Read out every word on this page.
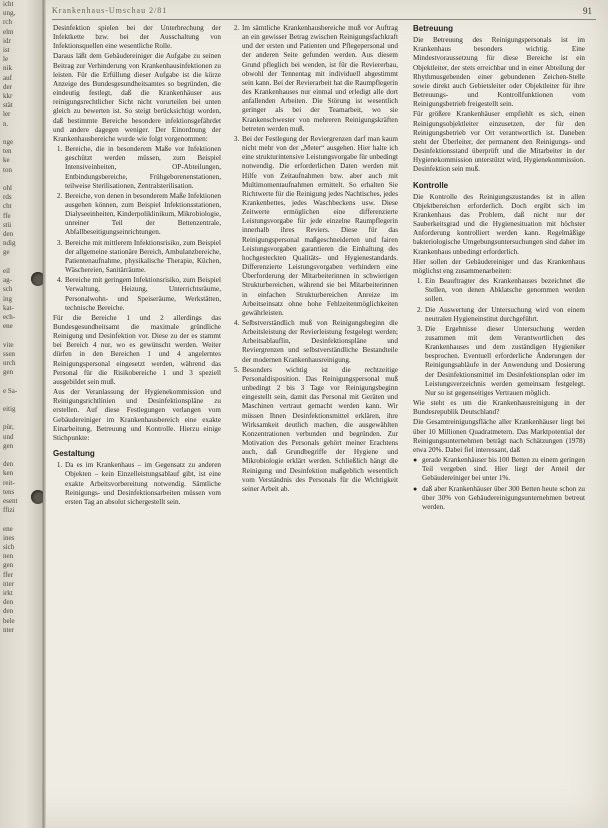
icht
ung,
rch
elm
idr
ist
le
nik
auf
der
kkr
stät
ler
n.

nge
ten
ke
ton

ohl
rds
cht
ffe
stü
den
ndig
ge

eil
ag-
sch
ing
kat-
ech-
ene

vite
ssen
urch
gen

e Sa-

eitig

pür,
und
gen

den
ken
reit-
tens
esent
ffizi

ene
ines
sich
nen
gen
ffer
nter
irkt
den
den
bele
nter
Krankenhaus-Umschau 2/81	91

Desinfektion spielen bei der Unterbrechung der Infektkette bzw. bei der Ausschaltung von Infektionsquellen eine wesentliche Rolle.

Daraus läßt dem Gebäudereiniger die Aufgabe zu seinen Beitrag zur Verhinderung von Krankenhausinfektionen zu leisten. Für die Erfüllung dieser Aufgabe ist die kürze Anzeige des Bundesgesundheitsamtes so begründen, die eindeutig festlegt, daß die Krankenhäuser aus reinigungsrechtlicher Sicht nicht vorurteilen bei unten gleich zu bewerten ist. So steigt berücksichtigt worden, daß bestimmte Bereiche besondere infektionsgefährdet und andere dagegen weniger. Der Einordnung der Krankenhausbereiche wurde wie folgt vorgenommen:

1. Bereiche, die in besonderem Maße vor Infektionen geschützt werden müssen, zum Beispiel Intensiveinheiten, OP-Abteilungen, Entbindungsbereiche, Frühgeborenenstationen, teilweise Sterilisationen, Zentralsterilisation.
2. Bereiche, von denen in besonderem Maße Infektionen ausgehen können, zum Beispiel Infektionsstationen, Dialyseeinheiten, Kinderpoliklinikum, Mikrobiologie, unreiner Teil der Bettenzentrale, Abfallbeseitigungseinrichtungen.
3. Bereiche mit mittlerem Infektionsrisiko, zum Beispiel der allgemeine stationäre Bereich, Ambulanzbereiche, Patientenaufnahme, physikalische Therapie, Küchen, Wäschereien, Sanitärräume.
4. Bereiche mit geringem Infektionsrisiko, zum Beispiel Verwaltung, Heizung, Unterrichtsräume, Personalwohn- und Speiseräume, Werkstätten, technische Bereiche.

Für die Bereiche 1 und 2 allerdings das Bundesgesundheitsamt die maximale gründliche Reinigung und Desinfektion vor. Diese zu der es stammt bei Bereich 4 nur, wo es gewünscht werden. Weiter dürfen in den Bereichen 1 und 4 angelerntes Reinigungspersonal eingesetzt werden, während das Personal für die Risikobereiche 1 und 3 speziell ausgebildet sein muß.

Aus der Veranlassung der Hygienekommission und Reinigungsrichtlinien und Desinfektionspläne zu erstellen. Auf diese Festlegungen verlangen vom Gebäudereiniger im Krankenhausbereich eine exakte Einarbeitung, Betreuung und Kontrolle. Hierzu einige Stichpunkte:

Gestaltung
1. Da es im Krankenhaus – im Gegensatz zu anderen Objekten – kein Einzelleistungsablauf gibt, ist eine exakte Arbeitsvorbereitung notwendig. Sämtliche Reinigungs- und Desinfektionsarbeiten müssen vom ersten Tag an absolut sichergestellt sein.
2. Im sämtliche Krankenhausbereiche muß vor Auftrag an ein gewisser Betrag zwischen Reinigungsfachkraft und der ersten und Patienten und Pflegepersonal und der anderen Seite gefunden werden. Aus diesem Grund pfleglich bei wenden, ist für die Reviererbau, obwohl der Tennentag mit individuell abgestimmt sein kann. Bei der Revierarbeit hat die Raumpflegerin des Krankenhauses nur einmal und erledigt alle dort anfallenden Arbeiten. Die Störung ist wesentlich geringer als bei der Teamarbeit, wo sie Krankenschwester von mehreren Reinigungskräften betreten werden muß.
3. Bei der Festlegung der Reviergrenzen darf man kaum nicht mehr von der „Meter“ ausgehen. Hier halte ich eine strukturintensive Leistungsvorgabe für unbedingt notwendig. Die erforderlichen Daten werden mit Hilfe von Zeitaufnahmen bzw. aber auch mit Multimomentaufnahmen ermittelt. So erhalten Sie Richtwerte für die Reinigung jedes Nachtisches, jedes Krankenbettes, jedes Waschbeckens usw. Diese Zeitwerte ermöglichen eine differenzierte Leistungsvorgabe für jede einzelne Raumpflegerin innerhalb ihres Reviers. Diese für das Reinigungspersonal maßgeschneiderten und fairen Leistungsvorgaben garantieren die Einhaltung des hochgesteckten Qualitäts- und Hygienestandards. Differenzierte Leistungsvorgaben verhindern eine Überforderung der Mitarbeiterinnen in schwierigen Strukturbereichen, während sie bei Mitarbeiterinnen in einfachen Strukturbereichen Anreize im Arbeitseinsatz ohne hohe Fehlzeitenmöglichkeiten gewährleisten.
4. Selbstverständlich muß von Reinigungsbeginn die Arbeitsleistung der Revierleistung festgelegt werden; Arbeitsablauflin, Desinfektionspläne und Reviergrenzen und selbstverständliche Bestandteile der modernen Krankenhausreinigung.
5. Besonders wichtig ist die rechtzeitige Personaldisposition. Das Reinigungspersonal muß unbedingt 2 bis 3 Tage vor Reinigungsbeginn eingestellt sein, damit das Personal mit Geräten und Maschinen vertraut gemacht werden kann. Wir müssen Ihnen Desinfektionsmittel erklären, ihre Wirksamkeit deutlich machen, die ausgewählten Konzentrationen verbunden und begründen. Zur Motivation des Personals gehört meiner Erachtens auch, daß Grundbegriffe der Hygiene und Mikrobiologie erklärt werden. Schließlich hängt die Reinigung und Desinfektion maßgeblich wesentlich vom Verständnis des Personals für die Wichtigkeit seiner Arbeit ab.
Betreuung

Die Betreuung des Reinigungspersonals ist im Krankenhaus besonders wichtig. Eine Mindestvoraussetzung für diese Bereiche ist ein Objektleiter, der stets erreichbar und in einer Abteilung der Rhythmusgebenden einer gebundenen Zeichen-Stelle sowie direkt auch Gebietsleiter oder Objektleiter für ihre Betreuungs- und Kontrollfunktionen vom Reinigungsbetrieb freigestellt sein.

Für größere Krankenhäuser empfiehlt es sich, einen Reinigungsobjektleiter einzusetzen, der für den Reinigungsbetrieb vor Ort verantwortlich ist. Daneben steht der Überleiter, der permanent den Reinigungs- und Desinfektionsstand überprüft und die Mitarbeiter in der Hygienekommission unterstützt wird, Hygienekommission. Desinfektion sein muß.

Kontrolle

Die Kontrolle des Reinigungszustandes ist in allen Objektbereichen erforderlich. Doch ergibt sich im Krankenhaus das Problem, daß nicht nur der Sauberkeitsgrad und die Hygienesituation mit höchster Anforderung kontrolliert werden kann. Regelmäßige bakteriologische Umgebungsuntersuchungen sind daher im Krankenhaus unbedingt erforderlich.

Hier sollen der Gebäudereiniger und das Krankenhaus möglichst eng zusammenarbeiten:

1. Ein Beauftragter des Krankenhauses bezeichnet die Stellen, von denen Abklatsche genommen werden sollen.
2. Die Auswertung der Untersuchung wird von einem neutralen Hygieneinstitut durchgeführt.
3. Die Ergebnisse dieser Untersuchung werden zusammen mit dem Verantwortlichen des Krankenhauses und dem zuständigen Hygieniker besprochen. Eventuell erforderliche Änderungen der Reinigungsabläufe in der Anwendung und Dosierung der Desinfektionsmittel im Desinfektionsplan oder im Leistungsverzeichnis werden gemeinsam festgelegt. Nur so ist gegenseitiges Vertrauen möglich.

Wie steht es um die Krankenhausreinigung in der Bundesrepublik Deutschland?

Die Gesamtreinigungsfläche aller Krankenhäuser liegt bei über 10 Millionen Quadratmetern. Das Marktpotential der Reinigungsunternehmen beträgt nach Schätzungen (1978) etwa 20%. Dabei fiel interessant, daß

● gerade Krankenhäuser bis 100 Betten zu einem geringen Teil vergeben sind. Hier liegt der Anteil der Gebäudereiniger bei unter 1%.
● daß aber Krankenhäuser über 300 Betten heute schon zu über 30% von Gebäudereinigungsunternehmen betreut werden.
